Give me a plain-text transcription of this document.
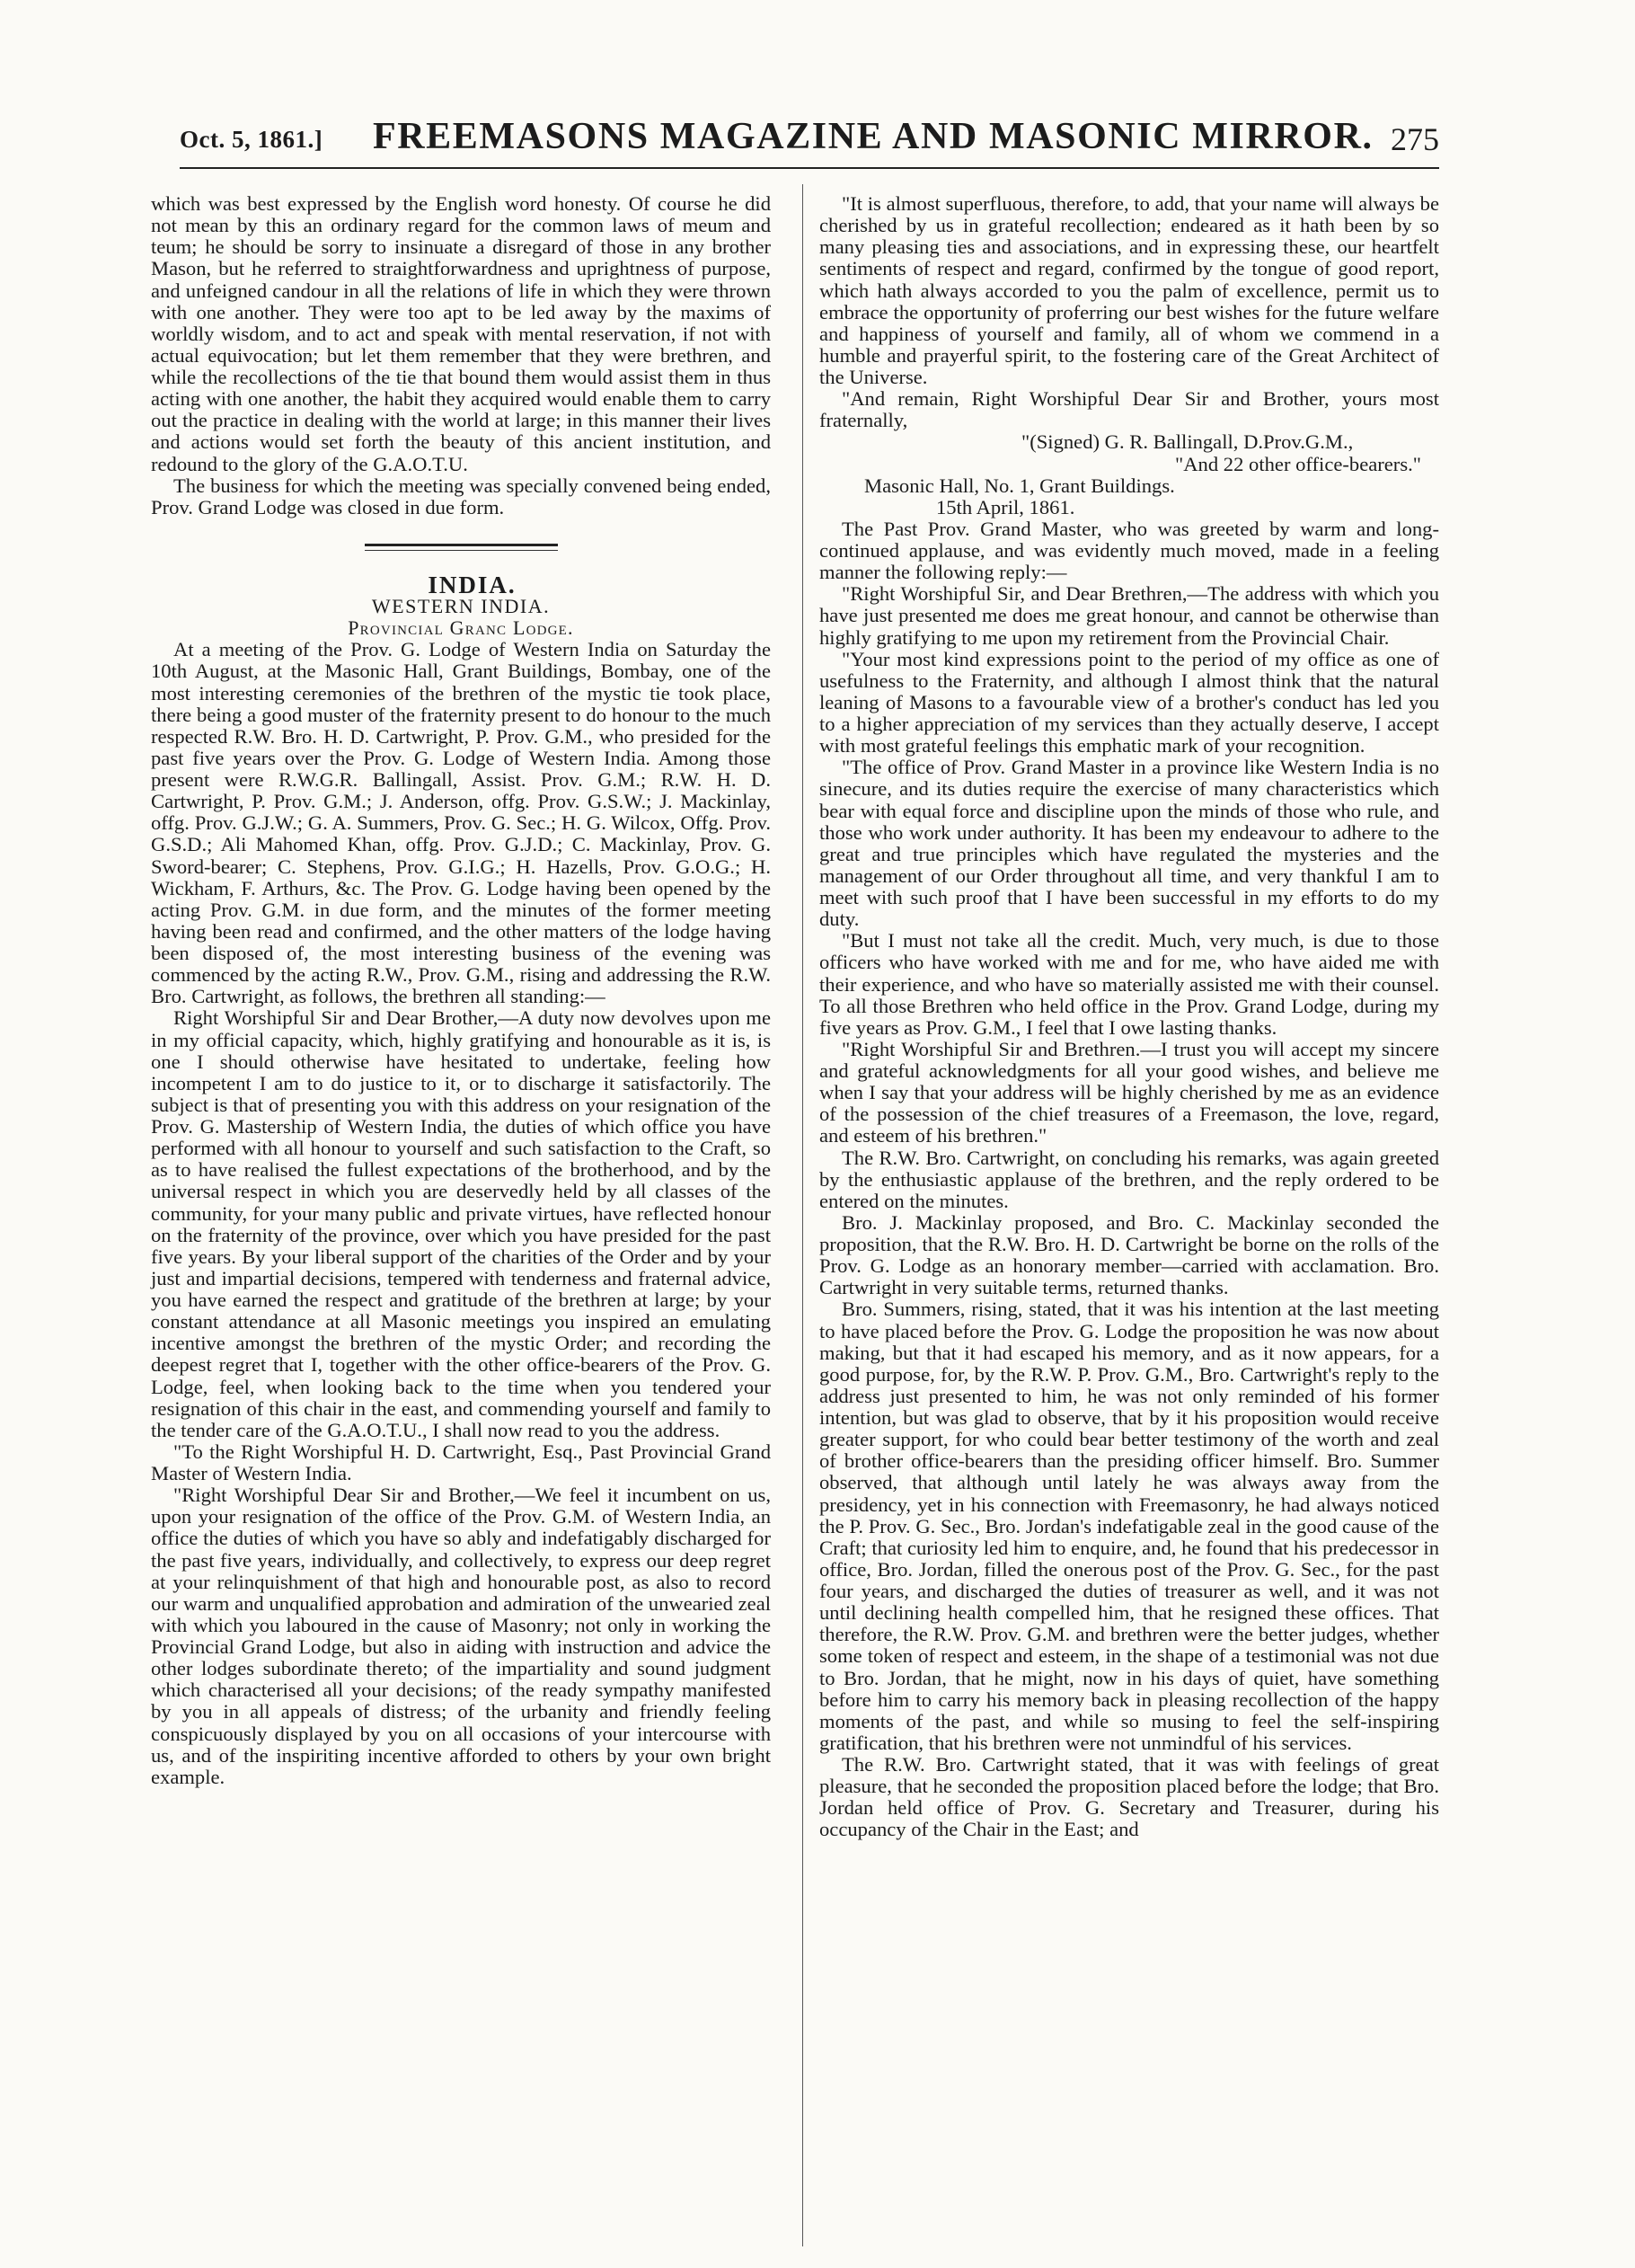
Oct. 5, 1861.] FREEMASONS MAGAZINE AND MASONIC MIRROR. 275

which was best expressed by the English word honesty. Of course he did not mean by this an ordinary regard for the common laws of meum and teum; he should be sorry to insinuate a disregard of those in any brother Mason, but he referred to straightforwardness and uprightness of purpose, and unfeigned candour in all the relations of life in which they were thrown with one another. They were too apt to be led away by the maxims of worldly wisdom, and to act and speak with mental reservation, if not with actual equivocation; but let them remember that they were brethren, and while the recollections of the tie that bound them would assist them in thus acting with one another, the habit they acquired would enable them to carry out the practice in dealing with the world at large; in this manner their lives and actions would set forth the beauty of this ancient institution, and redound to the glory of the G.A.O.T.U.

The business for which the meeting was specially convened being ended, Prov. Grand Lodge was closed in due form.

INDIA.

WESTERN INDIA.

Provincial Granc Lodge.

At a meeting of the Prov. G. Lodge of Western India on Saturday the 10th August, at the Masonic Hall, Grant Buildings, Bombay, one of the most interesting ceremonies of the brethren of the mystic tie took place, there being a good muster of the fraternity present to do honour to the much respected R.W. Bro. H. D. Cartwright, P. Prov. G.M., who presided for the past five years over the Prov. G. Lodge of Western India. Among those present were R.W.G.R. Ballingall, Assist. Prov. G.M.; R.W. H. D. Cartwright, P. Prov. G.M.; J. Anderson, offg. Prov. G.S.W.; J. Mackinlay, offg. Prov. G.J.W.; G. A. Summers, Prov. G. Sec.; H. G. Wilcox, Offg. Prov. G.S.D.; Ali Mahomed Khan, offg. Prov. G.J.D.; C. Mackinlay, Prov. G. Sword-bearer; C. Stephens, Prov. G.I.G.; H. Hazells, Prov. G.O.G.; H. Wickham, F. Arthurs, &c. The Prov. G. Lodge having been opened by the acting Prov. G.M. in due form, and the minutes of the former meeting having been read and confirmed, and the other matters of the lodge having been disposed of, the most interesting business of the evening was commenced by the acting R.W., Prov. G.M., rising and addressing the R.W. Bro. Cartwright, as follows, the brethren all standing:—

Right Worshipful Sir and Dear Brother,—A duty now devolves upon me in my official capacity, which, highly gratifying and honourable as it is, is one I should otherwise have hesitated to undertake, feeling how incompetent I am to do justice to it, or to discharge it satisfactorily. The subject is that of presenting you with this address on your resignation of the Prov. G. Mastership of Western India, the duties of which office you have performed with all honour to yourself and such satisfaction to the Craft, so as to have realised the fullest expectations of the brotherhood, and by the universal respect in which you are deservedly held by all classes of the community, for your many public and private virtues, have reflected honour on the fraternity of the province, over which you have presided for the past five years. By your liberal support of the charities of the Order and by your just and impartial decisions, tempered with tenderness and fraternal advice, you have earned the respect and gratitude of the brethren at large; by your constant attendance at all Masonic meetings you inspired an emulating incentive amongst the brethren of the mystic Order; and recording the deepest regret that I, together with the other office-bearers of the Prov. G. Lodge, feel, when looking back to the time when you tendered your resignation of this chair in the east, and commending yourself and family to the tender care of the G.A.O.T.U., I shall now read to you the address.

"To the Right Worshipful H. D. Cartwright, Esq., Past Provincial Grand Master of Western India.

"Right Worshipful Dear Sir and Brother,—We feel it incumbent on us, upon your resignation of the office of the Prov. G.M. of Western India, an office the duties of which you have so ably and indefatigably discharged for the past five years, individually, and collectively, to express our deep regret at your relinquishment of that high and honourable post, as also to record our warm and unqualified approbation and admiration of the unwearied zeal with which you laboured in the cause of Masonry; not only in working the Provincial Grand Lodge, but also in aiding with instruction and advice the other lodges subordinate thereto; of the impartiality and sound judgment which characterised all your decisions; of the ready sympathy manifested by you in all appeals of distress; of the urbanity and friendly feeling conspicuously displayed by you on all occasions of your intercourse with us, and of the inspiriting incentive afforded to others by your own bright example.

"It is almost superfluous, therefore, to add, that your name will always be cherished by us in grateful recollection; endeared as it hath been by so many pleasing ties and associations, and in expressing these, our heartfelt sentiments of respect and regard, confirmed by the tongue of good report, which hath always accorded to you the palm of excellence, permit us to embrace the opportunity of proferring our best wishes for the future welfare and happiness of yourself and family, all of whom we commend in a humble and prayerful spirit, to the fostering care of the Great Architect of the Universe.

"And remain, Right Worshipful Dear Sir and Brother, yours most fraternally,

"(Signed) G. R. Ballingall, D.Prov.G.M.,

"And 22 other office-bearers."

Masonic Hall, No. 1, Grant Buildings.

15th April, 1861.

The Past Prov. Grand Master, who was greeted by warm and long-continued applause, and was evidently much moved, made in a feeling manner the following reply:—

"Right Worshipful Sir, and Dear Brethren,—The address with which you have just presented me does me great honour, and cannot be otherwise than highly gratifying to me upon my retirement from the Provincial Chair.

"Your most kind expressions point to the period of my office as one of usefulness to the Fraternity, and although I almost think that the natural leaning of Masons to a favourable view of a brother's conduct has led you to a higher appreciation of my services than they actually deserve, I accept with most grateful feelings this emphatic mark of your recognition.

"The office of Prov. Grand Master in a province like Western India is no sinecure, and its duties require the exercise of many characteristics which bear with equal force and discipline upon the minds of those who rule, and those who work under authority. It has been my endeavour to adhere to the great and true principles which have regulated the mysteries and the management of our Order throughout all time, and very thankful I am to meet with such proof that I have been successful in my efforts to do my duty.

"But I must not take all the credit. Much, very much, is due to those officers who have worked with me and for me, who have aided me with their experience, and who have so materially assisted me with their counsel. To all those Brethren who held office in the Prov. Grand Lodge, during my five years as Prov. G.M., I feel that I owe lasting thanks.

"Right Worshipful Sir and Brethren.—I trust you will accept my sincere and grateful acknowledgments for all your good wishes, and believe me when I say that your address will be highly cherished by me as an evidence of the possession of the chief treasures of a Freemason, the love, regard, and esteem of his brethren."

The R.W. Bro. Cartwright, on concluding his remarks, was again greeted by the enthusiastic applause of the brethren, and the reply ordered to be entered on the minutes.

Bro. J. Mackinlay proposed, and Bro. C. Mackinlay seconded the proposition, that the R.W. Bro. H. D. Cartwright be borne on the rolls of the Prov. G. Lodge as an honorary member—carried with acclamation. Bro. Cartwright in very suitable terms, returned thanks.

Bro. Summers, rising, stated, that it was his intention at the last meeting to have placed before the Prov. G. Lodge the proposition he was now about making, but that it had escaped his memory, and as it now appears, for a good purpose, for, by the R.W. P. Prov. G.M., Bro. Cartwright's reply to the address just presented to him, he was not only reminded of his former intention, but was glad to observe, that by it his proposition would receive greater support, for who could bear better testimony of the worth and zeal of brother office-bearers than the presiding officer himself. Bro. Summer observed, that although until lately he was always away from the presidency, yet in his connection with Freemasonry, he had always noticed the P. Prov. G. Sec., Bro. Jordan's indefatigable zeal in the good cause of the Craft; that curiosity led him to enquire, and, he found that his predecessor in office, Bro. Jordan, filled the onerous post of the Prov. G. Sec., for the past four years, and discharged the duties of treasurer as well, and it was not until declining health compelled him, that he resigned these offices. That therefore, the R.W. Prov. G.M. and brethren were the better judges, whether some token of respect and esteem, in the shape of a testimonial was not due to Bro. Jordan, that he might, now in his days of quiet, have something before him to carry his memory back in pleasing recollection of the happy moments of the past, and while so musing to feel the self-inspiring gratification, that his brethren were not unmindful of his services.

The R.W. Bro. Cartwright stated, that it was with feelings of great pleasure, that he seconded the proposition placed before the lodge; that Bro. Jordan held office of Prov. G. Secretary and Treasurer, during his occupancy of the Chair in the East; and
